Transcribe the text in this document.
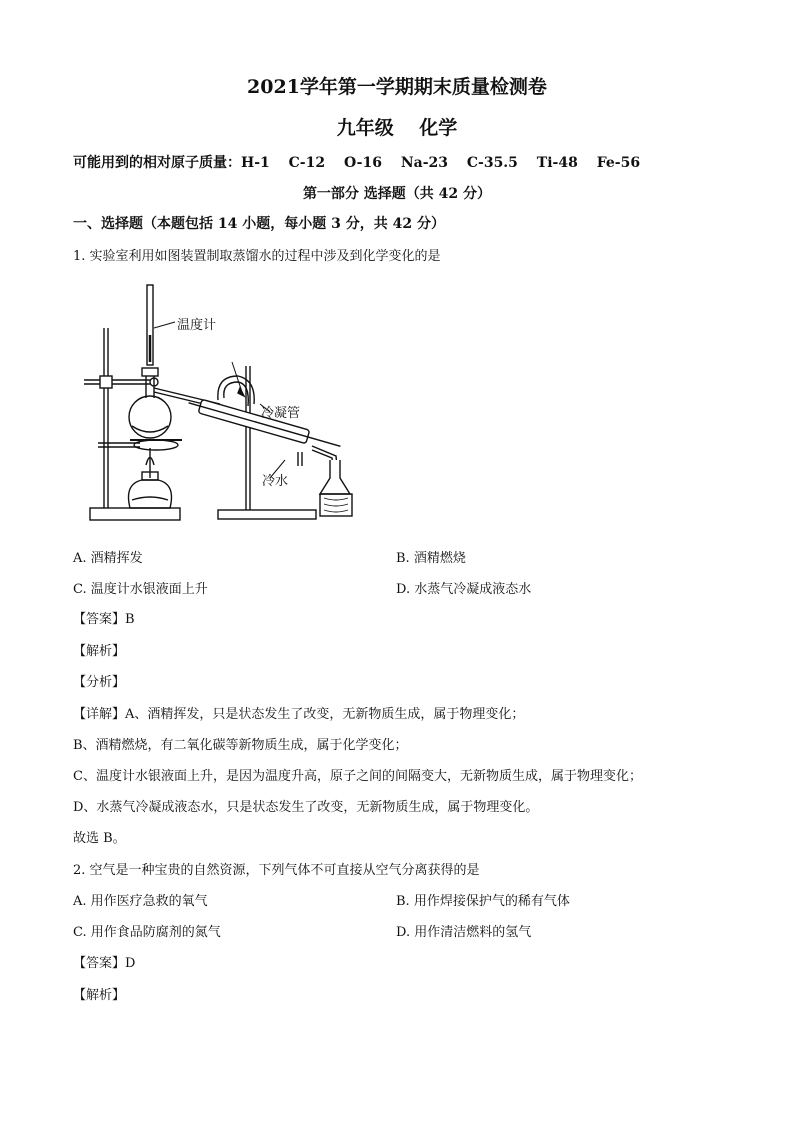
2021学年第一学期期末质量检测卷
九年级　 化学
可能用到的相对原子质量：H-1　 C-12　 O-16　 Na-23　 C-35.5　 Ti-48　 Fe-56
第一部分 选择题（共 42 分）
一、选择题（本题包括 14 小题，每小题 3 分，共 42 分）
1. 实验室利用如图装置制取蒸馏水的过程中涉及到化学变化的是
温度计
冷凝管
冷水
A. 酒精挥发	B. 酒精燃烧
C. 温度计水银液面上升	D. 水蒸气冷凝成液态水
【答案】B
【解析】
【分析】
【详解】A、酒精挥发，只是状态发生了改变，无新物质生成，属于物理变化；
B、酒精燃烧，有二氧化碳等新物质生成，属于化学变化；
C、温度计水银液面上升，是因为温度升高，原子之间的间隔变大，无新物质生成，属于物理变化；
D、水蒸气冷凝成液态水，只是状态发生了改变，无新物质生成，属于物理变化。
故选 B。
2. 空气是一种宝贵的自然资源，下列气体不可直接从空气分离获得的是
A. 用作医疗急救的氧气	B. 用作焊接保护气的稀有气体
C. 用作食品防腐剂的氮气	D. 用作清洁燃料的氢气
【答案】D
【解析】
